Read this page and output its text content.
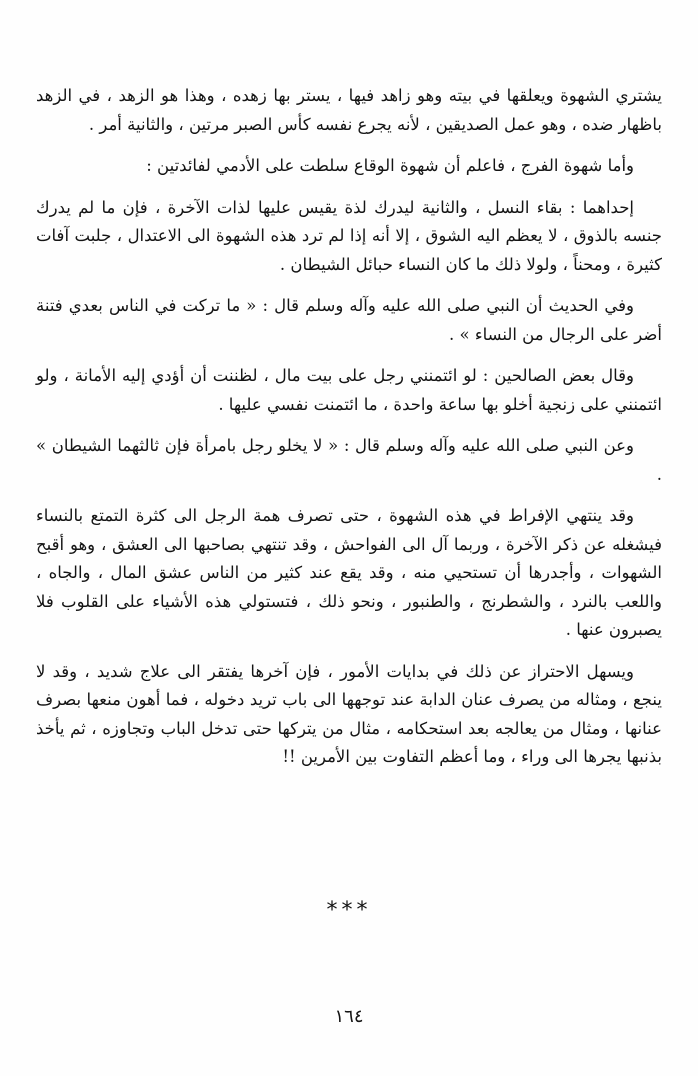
يشتري الشهوة ويعلقها في بيته وهو زاهد فيها ، يستر بها زهده ، وهذا هو الزهد ، في الزهد باظهار ضده ، وهو عمل الصديقين ، لأنه يجرع نفسه كأس الصبر مرتين ، والثانية أمر .

وأما شهوة الفرج ، فاعلم أن شهوة الوقاع سلطت على الأدمي لفائدتين :

إحداهما : بقاء النسل ، والثانية ليدرك لذة يقيس عليها لذات الآخرة ، فإن ما لم يدرك جنسه بالذوق ، لا يعظم اليه الشوق ، إلا أنه إذا لم ترد هذه الشهوة الى الاعتدال ، جلبت آفات كثيرة ، ومحناً ، ولولا ذلك ما كان النساء حبائل الشيطان .

وفي الحديث أن النبي صلى الله عليه وآله وسلم قال : « ما تركت في الناس بعدي فتنة أضر على الرجال من النساء » .

وقال بعض الصالحين : لو ائتمنني رجل على بيت مال ، لظننت أن أؤدي إليه الأمانة ، ولو ائتمنني على زنجية أخلو بها ساعة واحدة ، ما ائتمنت نفسي عليها .

وعن النبي صلى الله عليه وآله وسلم قال : « لا يخلو رجل بامرأة فإن ثالثهما الشيطان » .

وقد ينتهي الإفراط في هذه الشهوة ، حتى تصرف همة الرجل الى كثرة التمتع بالنساء فيشغله عن ذكر الآخرة ، وربما آل الى الفواحش ، وقد تنتهي بصاحبها الى العشق ، وهو أقبح الشهوات ، وأجدرها أن تستحيي منه ، وقد يقع عند كثير من الناس عشق المال ، والجاه ، واللعب بالنرد ، والشطرنج ، والطنبور ، ونحو ذلك ، فتستولي هذه الأشياء على القلوب فلا يصبرون عنها .

ويسهل الاحتراز عن ذلك في بدايات الأمور ، فإن آخرها يفتقر الى علاج شديد ، وقد لا ينجع ، ومثاله من يصرف عنان الدابة عند توجهها الى باب تريد دخوله ، فما أهون منعها بصرف عنانها ، ومثال من يعالجه بعد استحكامه ، مثال من يتركها حتى تدخل الباب وتجاوزه ، ثم يأخذ بذنبها يجرها الى وراء ، وما أعظم التفاوت بين الأمرين !!

***
١٦٤
